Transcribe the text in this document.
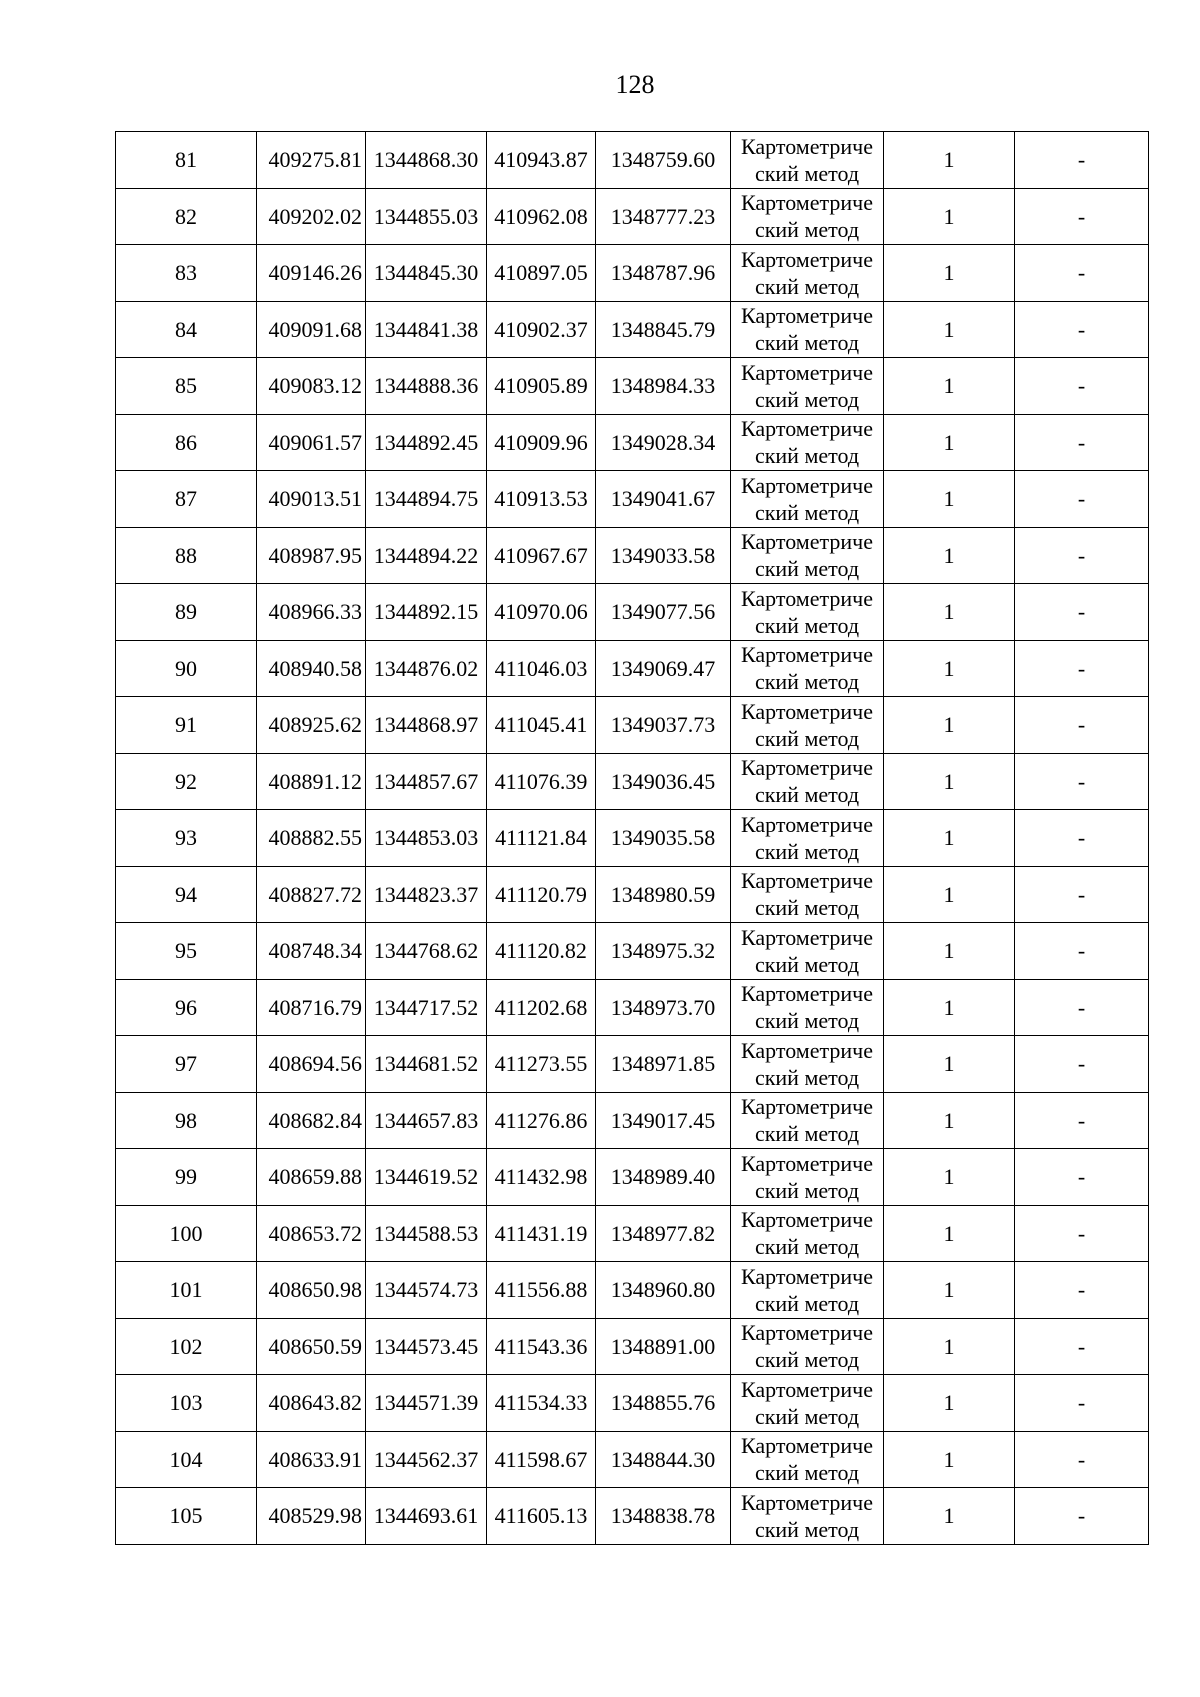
128
81	409275.81	1344868.30	410943.87	1348759.60	Картометриче
ский метод	1	-
82	409202.02	1344855.03	410962.08	1348777.23	Картометриче
ский метод	1	-
83	409146.26	1344845.30	410897.05	1348787.96	Картометриче
ский метод	1	-
84	409091.68	1344841.38	410902.37	1348845.79	Картометриче
ский метод	1	-
85	409083.12	1344888.36	410905.89	1348984.33	Картометриче
ский метод	1	-
86	409061.57	1344892.45	410909.96	1349028.34	Картометриче
ский метод	1	-
87	409013.51	1344894.75	410913.53	1349041.67	Картометриче
ский метод	1	-
88	408987.95	1344894.22	410967.67	1349033.58	Картометриче
ский метод	1	-
89	408966.33	1344892.15	410970.06	1349077.56	Картометриче
ский метод	1	-
90	408940.58	1344876.02	411046.03	1349069.47	Картометриче
ский метод	1	-
91	408925.62	1344868.97	411045.41	1349037.73	Картометриче
ский метод	1	-
92	408891.12	1344857.67	411076.39	1349036.45	Картометриче
ский метод	1	-
93	408882.55	1344853.03	411121.84	1349035.58	Картометриче
ский метод	1	-
94	408827.72	1344823.37	411120.79	1348980.59	Картометриче
ский метод	1	-
95	408748.34	1344768.62	411120.82	1348975.32	Картометриче
ский метод	1	-
96	408716.79	1344717.52	411202.68	1348973.70	Картометриче
ский метод	1	-
97	408694.56	1344681.52	411273.55	1348971.85	Картометриче
ский метод	1	-
98	408682.84	1344657.83	411276.86	1349017.45	Картометриче
ский метод	1	-
99	408659.88	1344619.52	411432.98	1348989.40	Картометриче
ский метод	1	-
100	408653.72	1344588.53	411431.19	1348977.82	Картометриче
ский метод	1	-
101	408650.98	1344574.73	411556.88	1348960.80	Картометриче
ский метод	1	-
102	408650.59	1344573.45	411543.36	1348891.00	Картометриче
ский метод	1	-
103	408643.82	1344571.39	411534.33	1348855.76	Картометриче
ский метод	1	-
104	408633.91	1344562.37	411598.67	1348844.30	Картометриче
ский метод	1	-
105	408529.98	1344693.61	411605.13	1348838.78	Картометриче
ский метод	1	-
